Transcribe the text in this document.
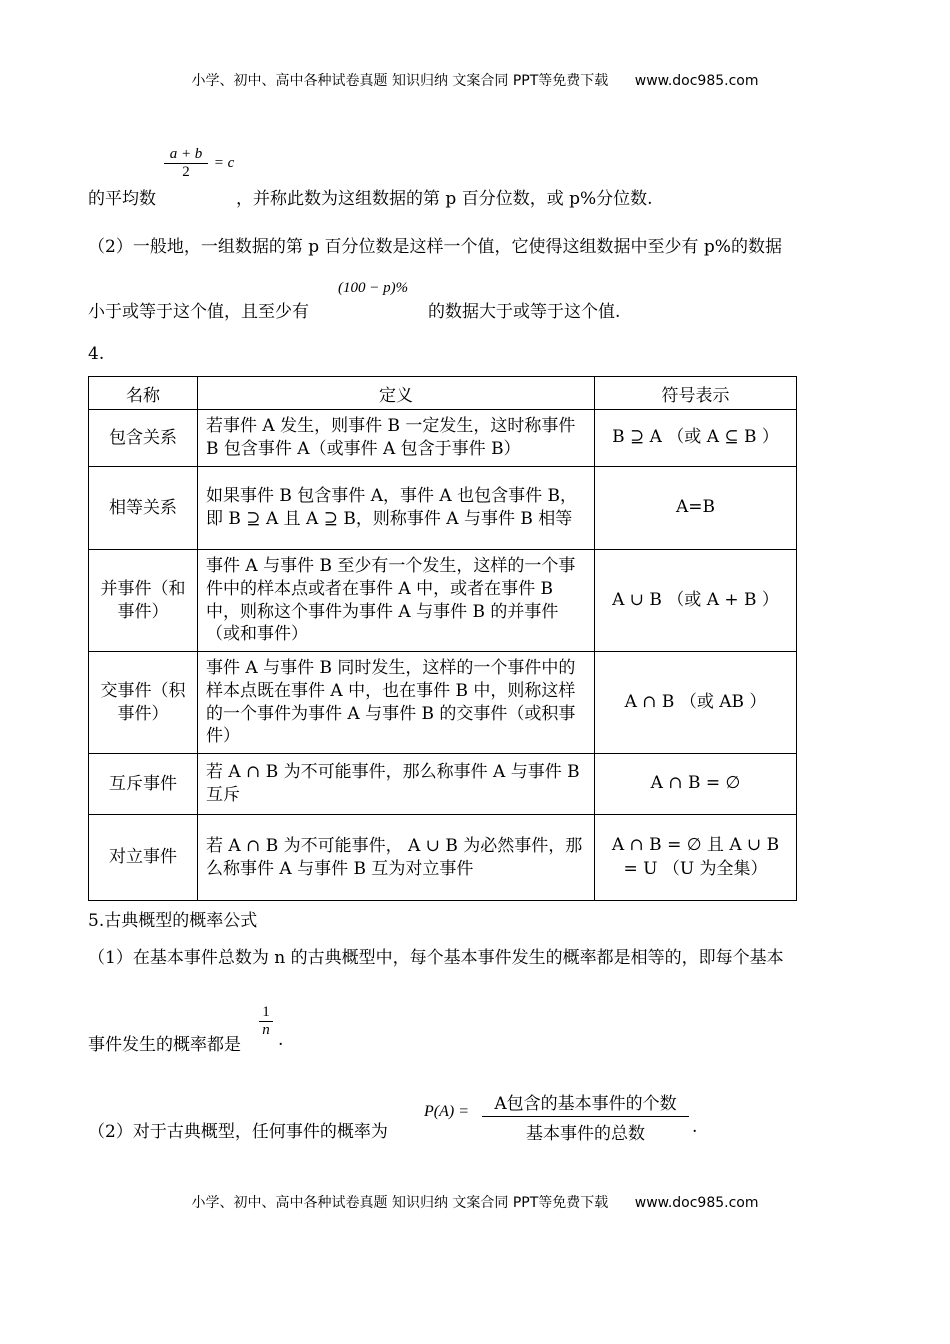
小学、初中、高中各种试卷真题 知识归纳 文案合同 PPT等免费下载 www.doc985.com
$\frac{a + b}{2} = c$
的平均数	，并称此数为这组数据的第 p 百分位数，或 p%分位数.
（2）一般地，一组数据的第 p 百分位数是这样一个值，它使得这组数据中至少有 p%的数据
小于或等于这个值，且至少有
(100 − p)%
的数据大于或等于这个值.
4.
名称	定义	符号表示
包含关系	若事件 A 发生，则事件 B 一定发生，这时称事件 B 包含事件 A（或事件 A 包含于事件 B）	B ⊇ A （或 A ⊆ B ）
相等关系	如果事件 B 包含事件 A，事件 A 也包含事件 B，即 B ⊇ A 且 A ⊇ B，则称事件 A 与事件 B 相等	A=B
并事件（和事件）	事件 A 与事件 B 至少有一个发生，这样的一个事件中的样本点或者在事件 A 中，或者在事件 B 中，则称这个事件为事件 A 与事件 B 的并事件（或和事件）	A ∪ B （或 A + B ）
交事件（积事件）	事件 A 与事件 B 同时发生，这样的一个事件中的样本点既在事件 A 中，也在事件 B 中，则称这样的一个事件为事件 A 与事件 B 的交事件（或积事件）	A ∩ B （或 AB ）
互斥事件	若 A ∩ B 为不可能事件，那么称事件 A 与事件 B 互斥	A ∩ B = ∅
对立事件	若 A ∩ B 为不可能事件， A ∪ B 为必然事件，那么称事件 A 与事件 B 互为对立事件	A ∩ B = ∅ 且 A ∪ B = U （U 为全集）
5.古典概型的概率公式
（1）在基本事件总数为 n 的古典概型中，每个基本事件发生的概率都是相等的，即每个基本
事件发生的概率都是
1
n .
（2）对于古典概型，任何事件的概率为
P(A) =	A包含的基本事件的个数
基本事件的总数	.
小学、初中、高中各种试卷真题 知识归纳 文案合同 PPT等免费下载 www.doc985.com
